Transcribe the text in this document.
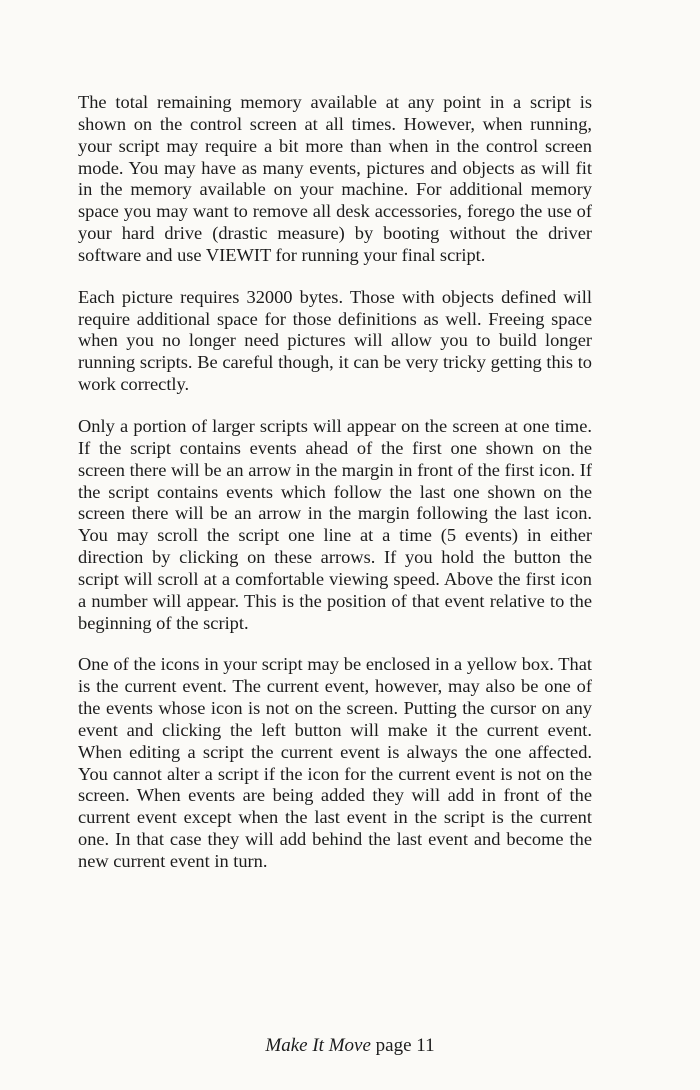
The total remaining memory available at any point in a script is shown on the control screen at all times. However, when running, your script may require a bit more than when in the control screen mode. You may have as many events, pictures and objects as will fit in the memory available on your machine. For additional memory space you may want to remove all desk accessories, forego the use of your hard drive (drastic measure) by booting without the driver software and use VIEWIT for running your final script.

Each picture requires 32000 bytes. Those with objects defined will require additional space for those definitions as well. Freeing space when you no longer need pictures will allow you to build longer running scripts. Be careful though, it can be very tricky getting this to work correctly.

Only a portion of larger scripts will appear on the screen at one time. If the script contains events ahead of the first one shown on the screen there will be an arrow in the margin in front of the first icon. If the script contains events which follow the last one shown on the screen there will be an arrow in the margin following the last icon. You may scroll the script one line at a time (5 events) in either direction by clicking on these arrows. If you hold the button the script will scroll at a comfortable viewing speed. Above the first icon a number will appear. This is the position of that event relative to the beginning of the script.

One of the icons in your script may be enclosed in a yellow box. That is the current event. The current event, however, may also be one of the events whose icon is not on the screen. Putting the cursor on any event and clicking the left button will make it the current event. When editing a script the current event is always the one affected. You cannot alter a script if the icon for the current event is not on the screen. When events are being added they will add in front of the current event except when the last event in the script is the current one. In that case they will add behind the last event and become the new current event in turn.

Make It Move page 11
